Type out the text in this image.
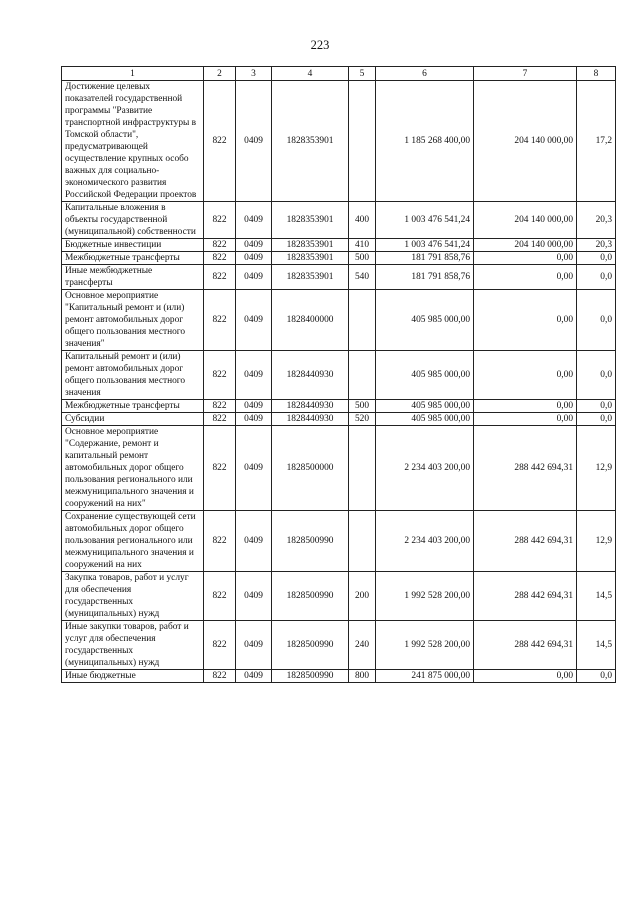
223
1	2	3	4	5	6	7	8
Достижение целевых показателей государственной программы "Развитие транспортной инфраструктуры в Томской области", предусматривающей осуществление крупных особо важных для социально-экономического развития Российской Федерации проектов	822	0409	1828353901		1 185 268 400,00	204 140 000,00	17,2
Капитальные вложения в объекты государственной (муниципальной) собственности	822	0409	1828353901	400	1 003 476 541,24	204 140 000,00	20,3
Бюджетные инвестиции	822	0409	1828353901	410	1 003 476 541,24	204 140 000,00	20,3
Межбюджетные трансферты	822	0409	1828353901	500	181 791 858,76	0,00	0,0
Иные межбюджетные трансферты	822	0409	1828353901	540	181 791 858,76	0,00	0,0
Основное мероприятие "Капитальный ремонт и (или) ремонт автомобильных дорог общего пользования местного значения"	822	0409	1828400000		405 985 000,00	0,00	0,0
Капитальный ремонт и (или) ремонт автомобильных дорог общего пользования местного значения	822	0409	1828440930		405 985 000,00	0,00	0,0
Межбюджетные трансферты	822	0409	1828440930	500	405 985 000,00	0,00	0,0
Субсидии	822	0409	1828440930	520	405 985 000,00	0,00	0,0
Основное мероприятие "Содержание, ремонт и капитальный ремонт автомобильных дорог общего пользования регионального или межмуниципального значения и сооружений на них"	822	0409	1828500000		2 234 403 200,00	288 442 694,31	12,9
Сохранение существующей сети автомобильных дорог общего пользования регионального или межмуниципального значения и сооружений на них	822	0409	1828500990		2 234 403 200,00	288 442 694,31	12,9
Закупка товаров, работ и услуг для обеспечения государственных (муниципальных) нужд	822	0409	1828500990	200	1 992 528 200,00	288 442 694,31	14,5
Иные закупки товаров, работ и услуг для обеспечения государственных (муниципальных) нужд	822	0409	1828500990	240	1 992 528 200,00	288 442 694,31	14,5
Иные бюджетные	822	0409	1828500990	800	241 875 000,00	0,00	0,0
